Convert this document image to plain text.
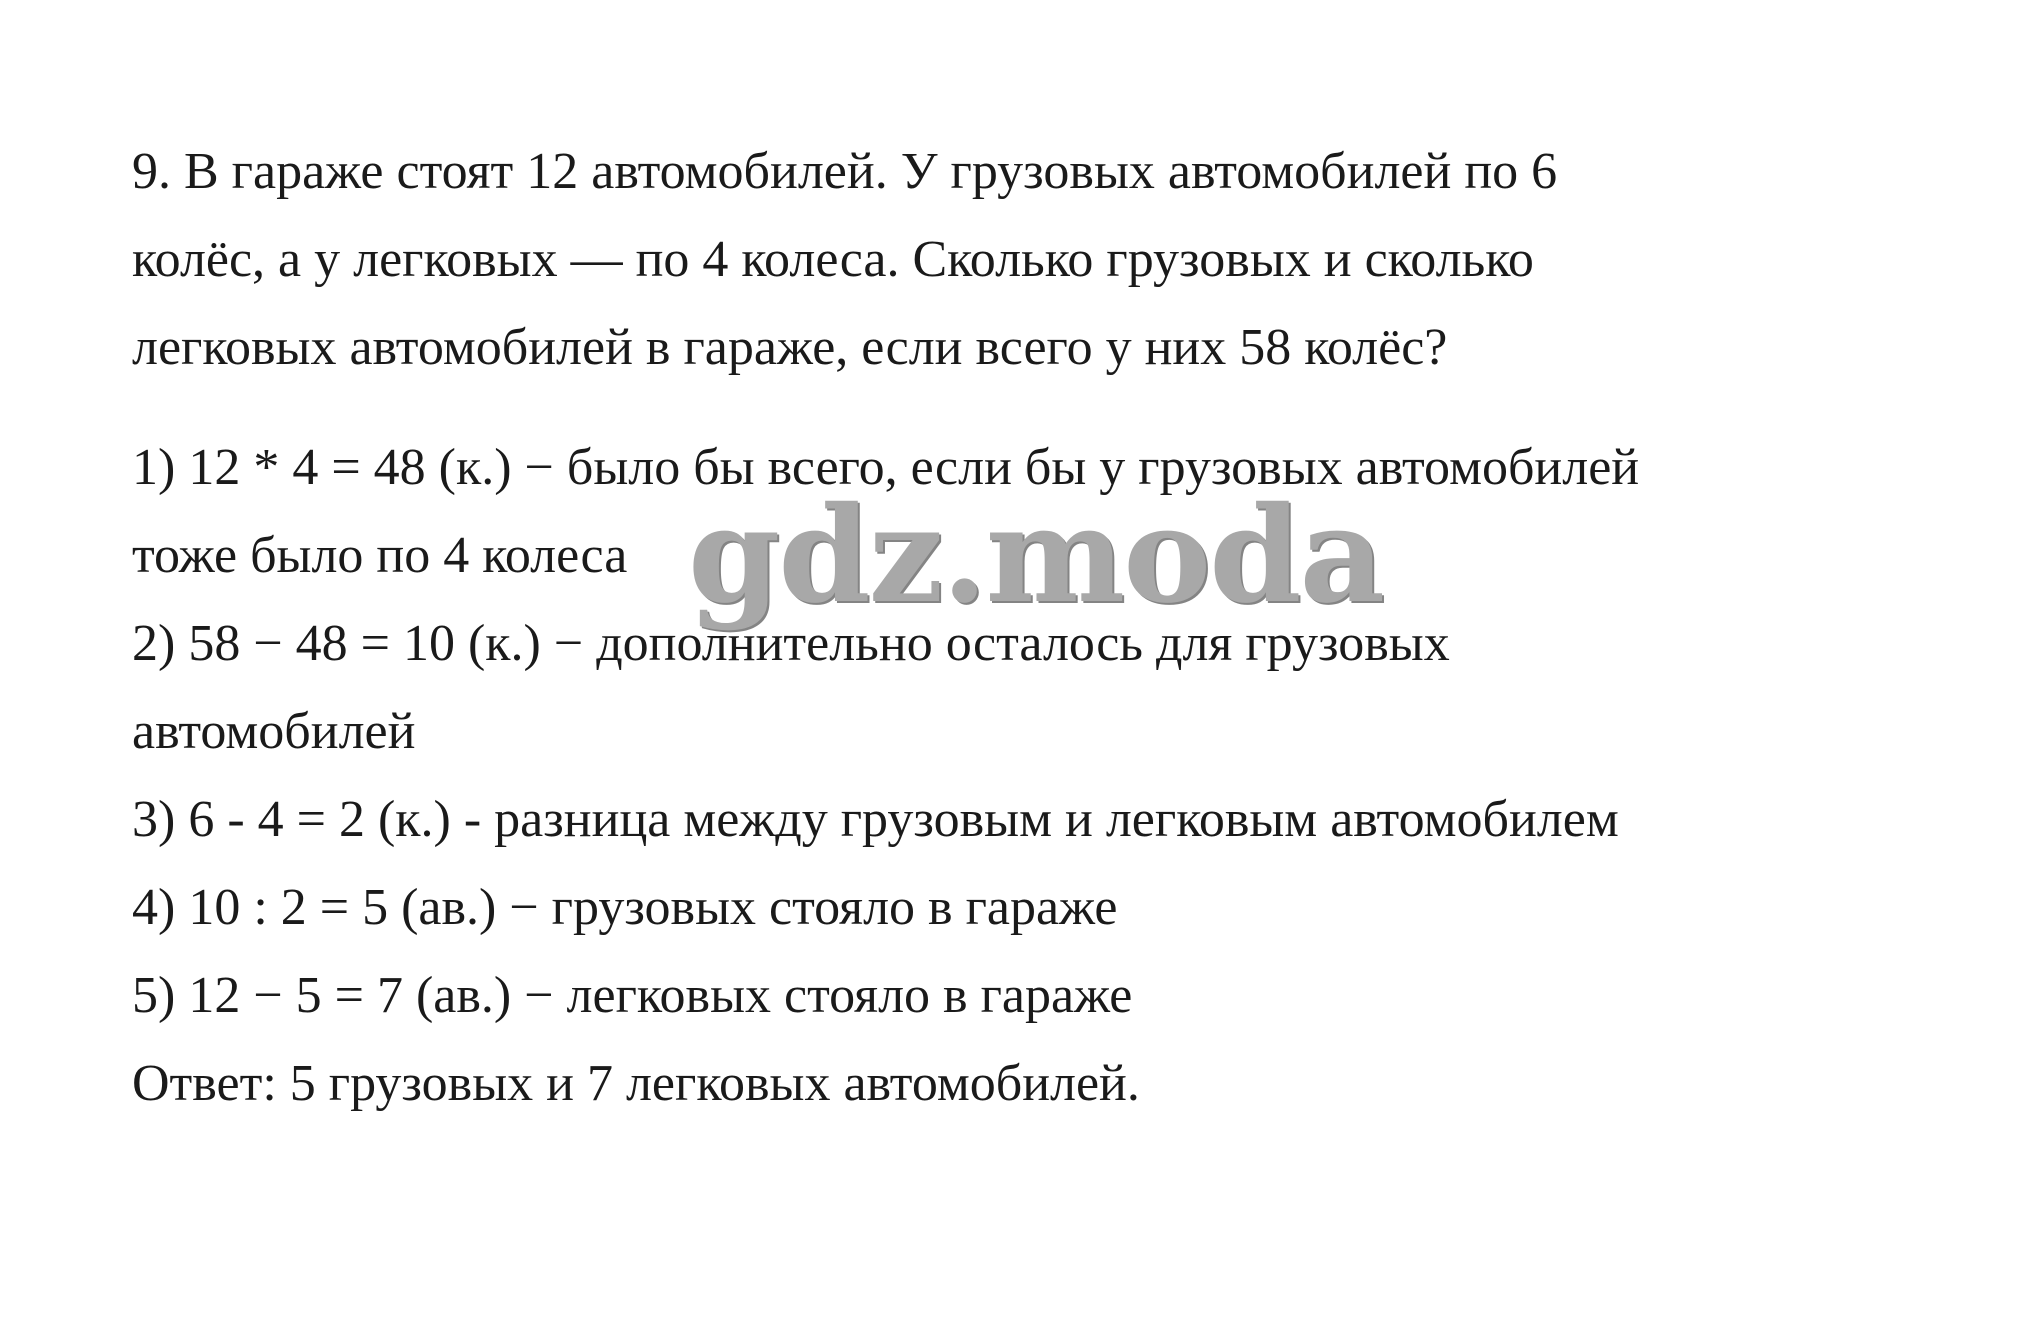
9. В гараже стоят 12 автомобилей. У грузовых автомобилей по 6

колёс, а у легковых — по 4 колеса. Сколько грузовых и сколько

легковых автомобилей в гараже, если всего у них 58 колёс?

1) 12 * 4 = 48 (к.) − было бы всего, если бы у грузовых автомобилей

тоже было по 4 колеса

2) 58 − 48 = 10 (к.) − дополнительно осталось для грузовых

автомобилей

3) 6 - 4 = 2 (к.) - разница между грузовым и легковым автомобилем

4) 10 : 2 = 5 (ав.) − грузовых стояло в гараже

5) 12 − 5 = 7 (ав.) − легковых стояло в гараже

Ответ: 5 грузовых и 7 легковых автомобилей.

gdz.moda
